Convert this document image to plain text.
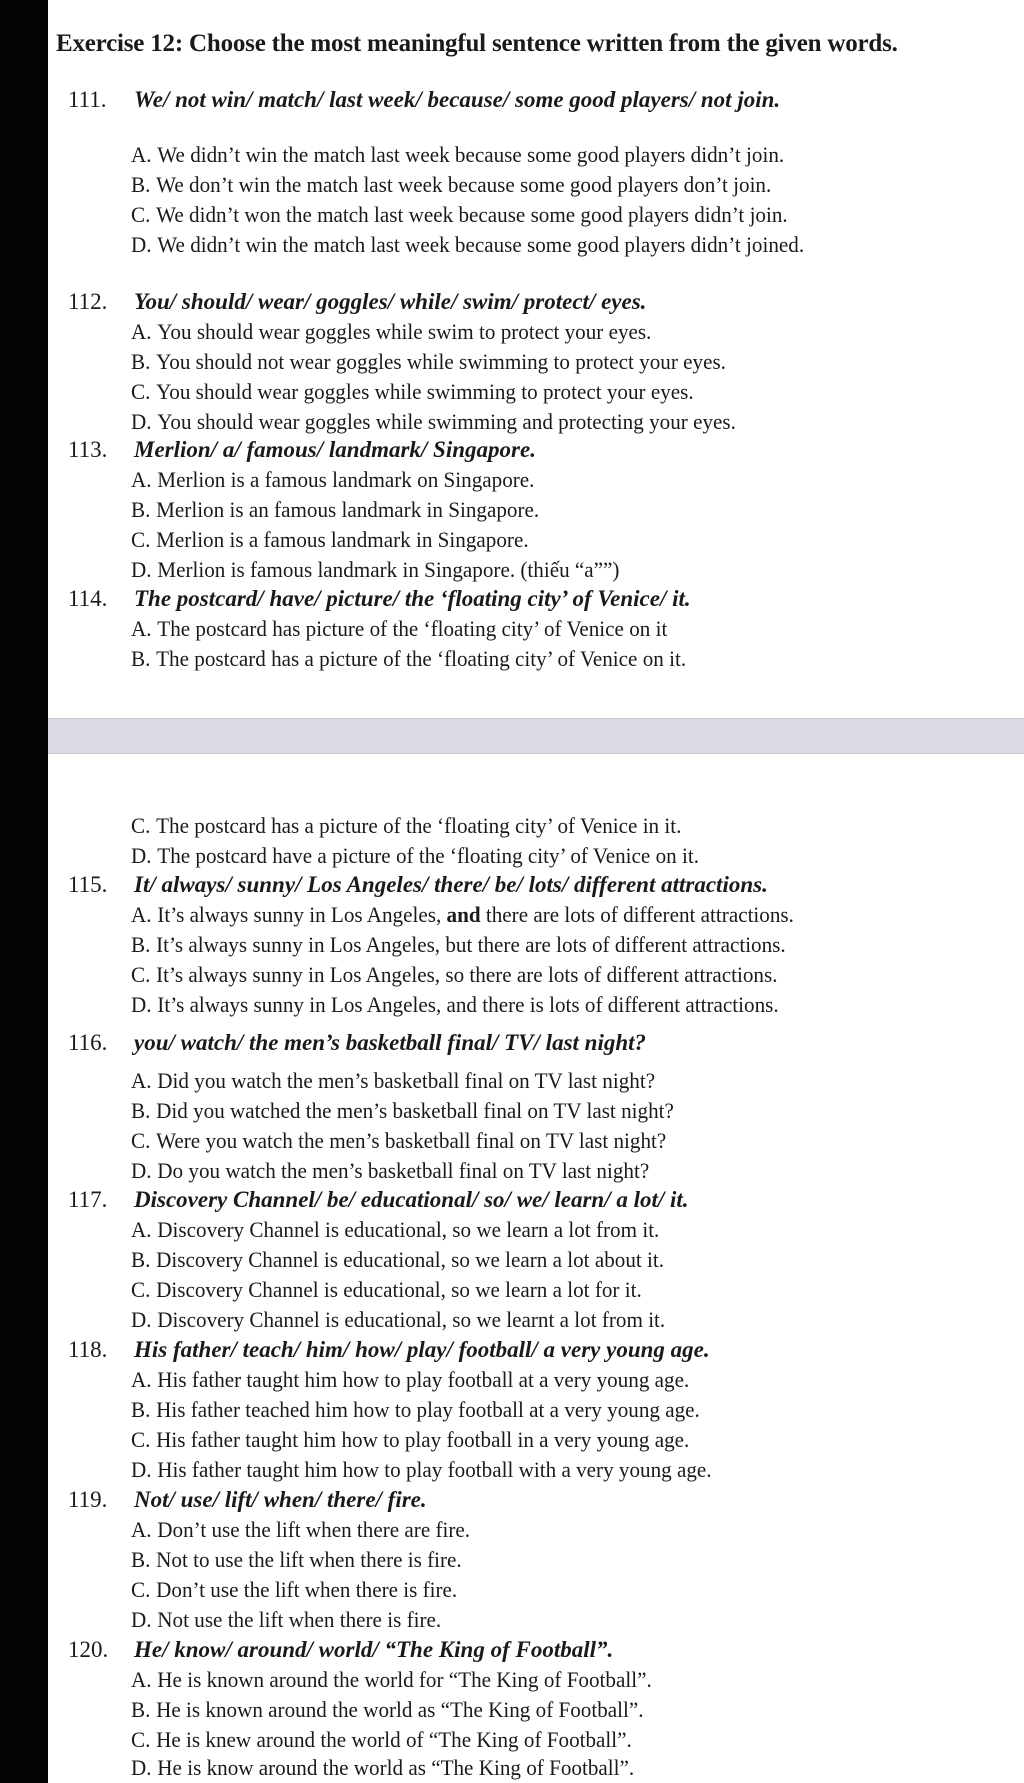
Exercise 12: Choose the most meaningful sentence written from the given words.
111. We/ not win/ match/ last week/ because/ some good players/ not join.
A. We didn’t win the match last week because some good players didn’t join.
B. We don’t win the match last week because some good players don’t join.
C. We didn’t won the match last week because some good players didn’t join.
D. We didn’t win the match last week because some good players didn’t joined.
112. You/ should/ wear/ goggles/ while/ swim/ protect/ eyes.
A. You should wear goggles while swim to protect your eyes.
B. You should not wear goggles while swimming to protect your eyes.
C. You should wear goggles while swimming to protect your eyes.
D. You should wear goggles while swimming and protecting your eyes.
113. Merlion/ a/ famous/ landmark/ Singapore.
A. Merlion is a famous landmark on Singapore.
B. Merlion is an famous landmark in Singapore.
C. Merlion is a famous landmark in Singapore.
D. Merlion is famous landmark in Singapore. (thiếu “a””)
114. The postcard/ have/ picture/ the ‘floating city’ of Venice/ it.
A. The postcard has picture of the ‘floating city’ of Venice on it
B. The postcard has a picture of the ‘floating city’ of Venice on it.
C. The postcard has a picture of the ‘floating city’ of Venice in it.
D. The postcard have a picture of the ‘floating city’ of Venice on it.
115. It/ always/ sunny/ Los Angeles/ there/ be/ lots/ different attractions.
A. It’s always sunny in Los Angeles, and there are lots of different attractions.
B. It’s always sunny in Los Angeles, but there are lots of different attractions.
C. It’s always sunny in Los Angeles, so there are lots of different attractions.
D. It’s always sunny in Los Angeles, and there is lots of different attractions.
116. you/ watch/ the men’s basketball final/ TV/ last night?
A. Did you watch the men’s basketball final on TV last night?
B. Did you watched the men’s basketball final on TV last night?
C. Were you watch the men’s basketball final on TV last night?
D. Do you watch the men’s basketball final on TV last night?
117. Discovery Channel/ be/ educational/ so/ we/ learn/ a lot/ it.
A. Discovery Channel is educational, so we learn a lot from it.
B. Discovery Channel is educational, so we learn a lot about it.
C. Discovery Channel is educational, so we learn a lot for it.
D. Discovery Channel is educational, so we learnt a lot from it.
118. His father/ teach/ him/ how/ play/ football/ a very young age.
A. His father taught him how to play football at a very young age.
B. His father teached him how to play football at a very young age.
C. His father taught him how to play football in a very young age.
D. His father taught him how to play football with a very young age.
119. Not/ use/ lift/ when/ there/ fire.
A. Don’t use the lift when there are fire.
B. Not to use the lift when there is fire.
C. Don’t use the lift when there is fire.
D. Not use the lift when there is fire.
120. He/ know/ around/ world/ “The King of Football”.
A. He is known around the world for “The King of Football”.
B. He is known around the world as “The King of Football”.
C. He is knew around the world of “The King of Football”.
D. He is know around the world as “The King of Football”.
